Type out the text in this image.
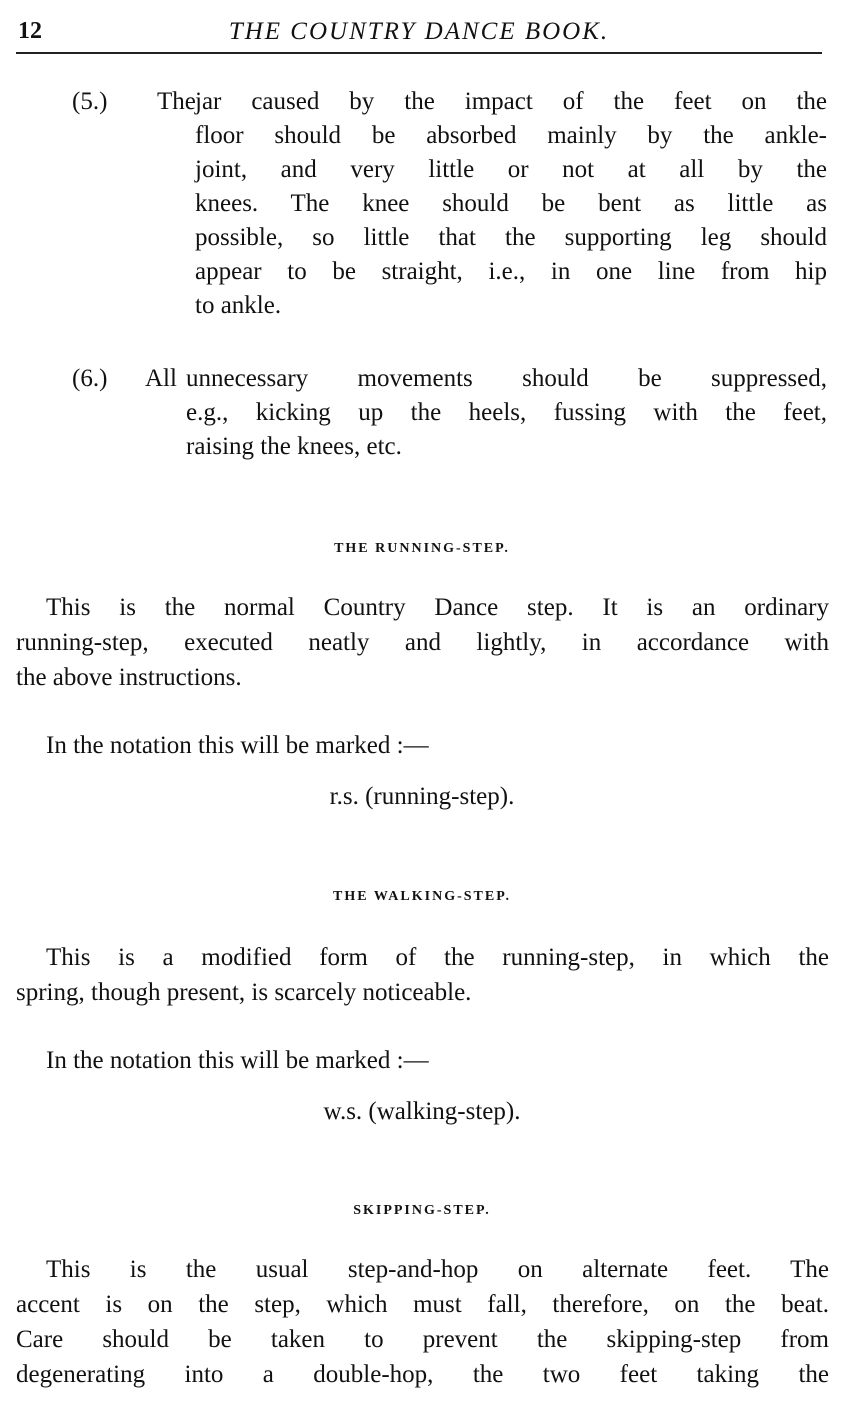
12	THE COUNTRY DANCE BOOK.
(5.)	The jar caused by the impact of the feet on the
floor should be absorbed mainly by the ankle-
joint, and very little or not at all by the
knees. The knee should be bent as little as
possible, so little that the supporting leg should
appear to be straight, i.e., in one line from hip
to ankle.
(6.)	All unnecessary movements should be suppressed,
e.g., kicking up the heels, fussing with the feet,
raising the knees, etc.
THE RUNNING-STEP.
This is the normal Country Dance step. It is an ordinary
running-step, executed neatly and lightly, in accordance with
the above instructions.
In the notation this will be marked :—
r.s. (running-step).
THE WALKING-STEP.
This is a modified form of the running-step, in which the
spring, though present, is scarcely noticeable.
In the notation this will be marked :—
w.s. (walking-step).
SKIPPING-STEP.
This is the usual step-and-hop on alternate feet. The
accent is on the step, which must fall, therefore, on the beat.
Care should be taken to prevent the skipping-step from
degenerating into a double-hop, the two feet taking the
